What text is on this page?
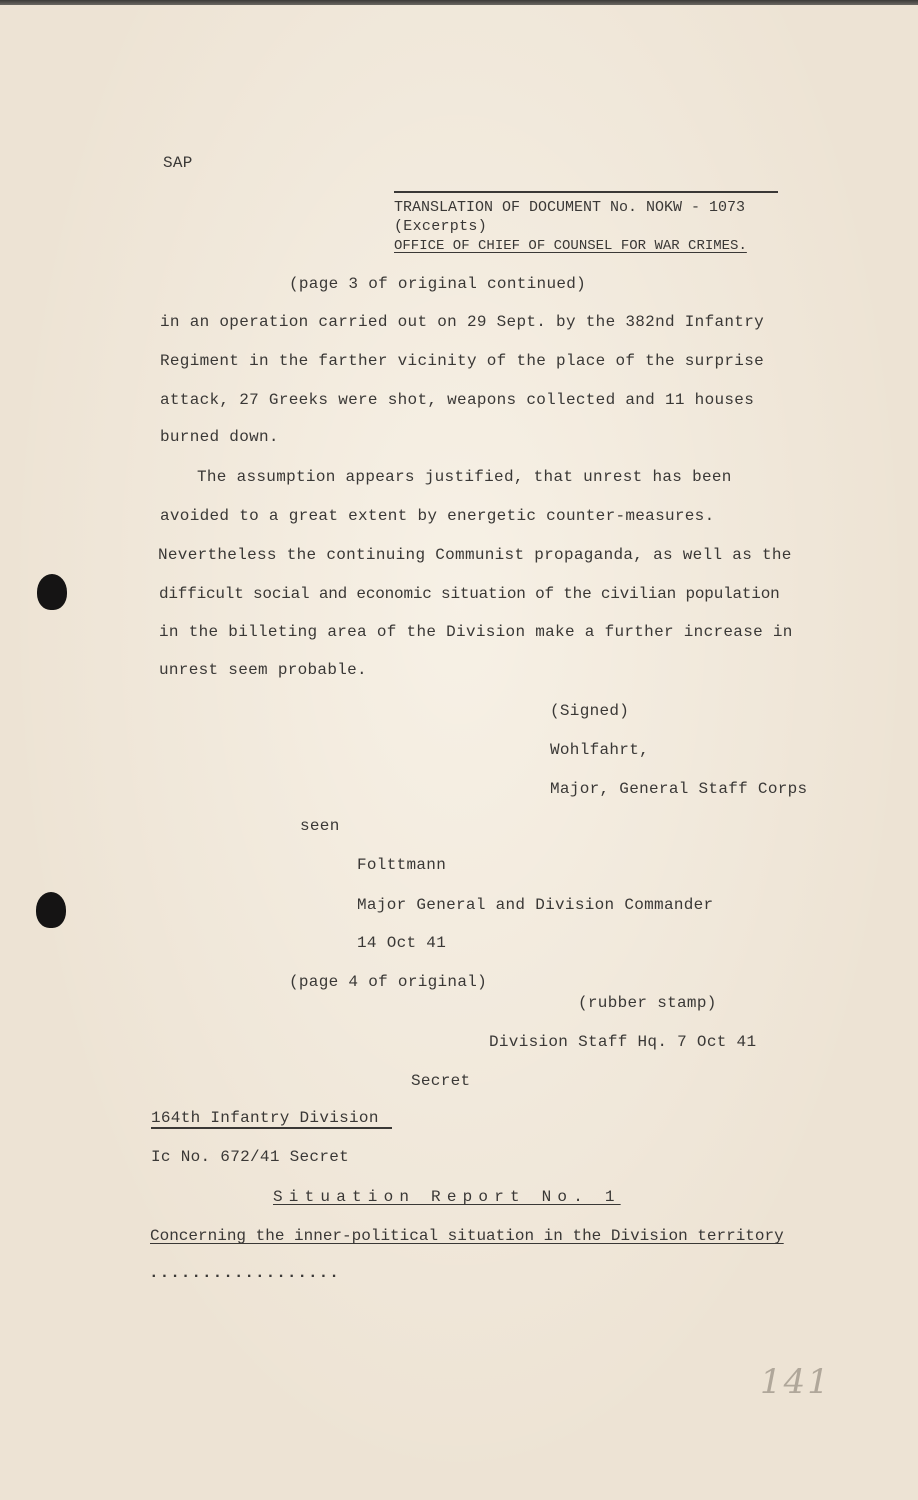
SAP
TRANSLATION OF DOCUMENT No. NOKW - 1073
(Excerpts)
OFFICE OF CHIEF OF COUNSEL FOR WAR CRIMES.
(page 3 of original continued)
in an operation carried out on 29 Sept. by the 382nd Infantry
Regiment in the farther vicinity of the place of the surprise
attack, 27 Greeks were shot, weapons collected and 11 houses
burned down.
The assumption appears justified, that unrest has been
avoided to a great extent by energetic counter-measures.
Nevertheless the continuing Communist propaganda, as well as the
difficult social and economic situation of the civilian population
in the billeting area of the Division make a further increase in
unrest seem probable.
(Signed)
Wohlfahrt,
Major, General Staff Corps
seen
Folttmann
Major General and Division Commander
14 Oct 41
(page 4 of original)
(rubber stamp)
Division Staff Hq. 7 Oct 41
Secret
164th Infantry Division
Ic No. 672/41 Secret
Situation Report No. 1
Concerning the inner-political situation in the Division territory
..................
141
